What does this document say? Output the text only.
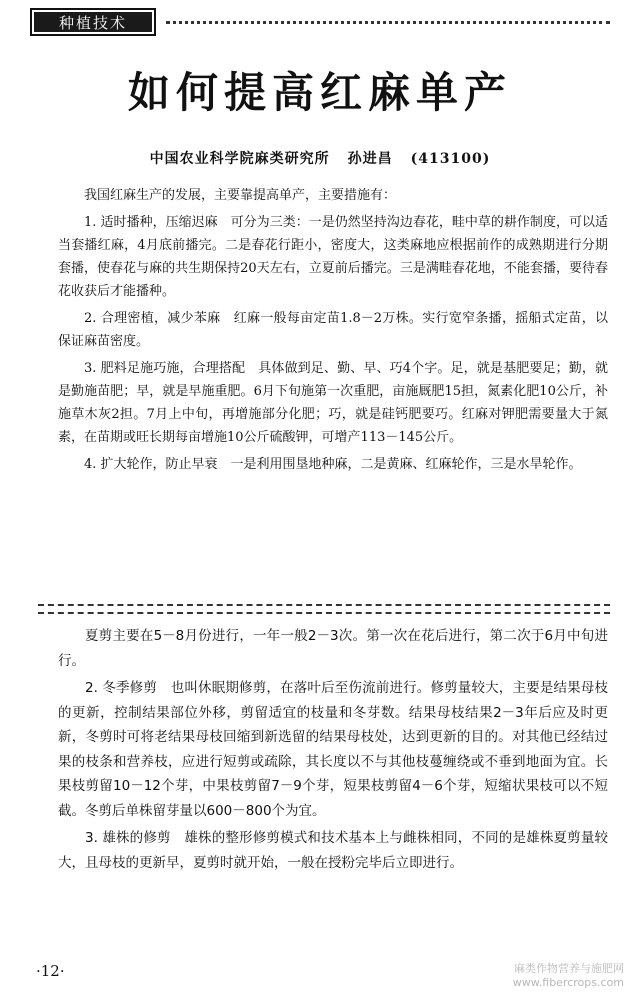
种植技术
如何提高红麻单产
中国农业科学院麻类研究所 孙进昌 (413100)

我国红麻生产的发展，主要靠提高单产，主要措施有：

1. 适时播种，压缩迟麻　可分为三类：一是仍然坚持沟边春花，畦中草的耕作制度，可以适当套播红麻，4月底前播完。二是春花行距小，密度大，这类麻地应根据前作的成熟期进行分期套播，使春花与麻的共生期保持20天左右，立夏前后播完。三是满畦春花地，不能套播，要待春花收获后才能播种。

2. 合理密植，减少苯麻　红麻一般每亩定苗1.8－2万株。实行宽窄条播，摇船式定苗，以保证麻苗密度。

3. 肥料足施巧施，合理搭配　具体做到足、勤、早、巧4个字。足，就是基肥要足；勤，就是勤施苗肥；早，就是早施重肥。6月下旬施第一次重肥，亩施厩肥15担，氮素化肥10公斤，补施草木灰2担。7月上中旬，再增施部分化肥；巧，就是硅钙肥要巧。红麻对钾肥需要量大于氮素，在苗期或旺长期每亩增施10公斤硫酸钾，可增产113－145公斤。

4. 扩大轮作，防止早衰　一是利用围垦地种麻，二是黄麻、红麻轮作，三是水旱轮作。

夏剪主要在5－8月份进行，一年一般2－3次。第一次在花后进行，第二次于6月中旬进行。

2. 冬季修剪　也叫休眠期修剪，在落叶后至伤流前进行。修剪量较大，主要是结果母枝的更新，控制结果部位外移，剪留适宜的枝量和冬芽数。结果母枝结果2－3年后应及时更新，冬剪时可将老结果母枝回缩到新选留的结果母枝处，达到更新的目的。对其他已经结过果的枝条和营养枝，应进行短剪或疏除，其长度以不与其他枝蔓缠绕或不垂到地面为宜。长果枝剪留10－12个芽，中果枝剪留7－9个芽，短果枝剪留4－6个芽，短缩状果枝可以不短截。冬剪后单株留芽量以600－800个为宜。

3. 雄株的修剪　雄株的整形修剪模式和技术基本上与雌株相同，不同的是雄株夏剪量较大，且母枝的更新早，夏剪时就开始，一般在授粉完毕后立即进行。

·12·	麻类作物营养与施肥网
www.fibercrops.com
